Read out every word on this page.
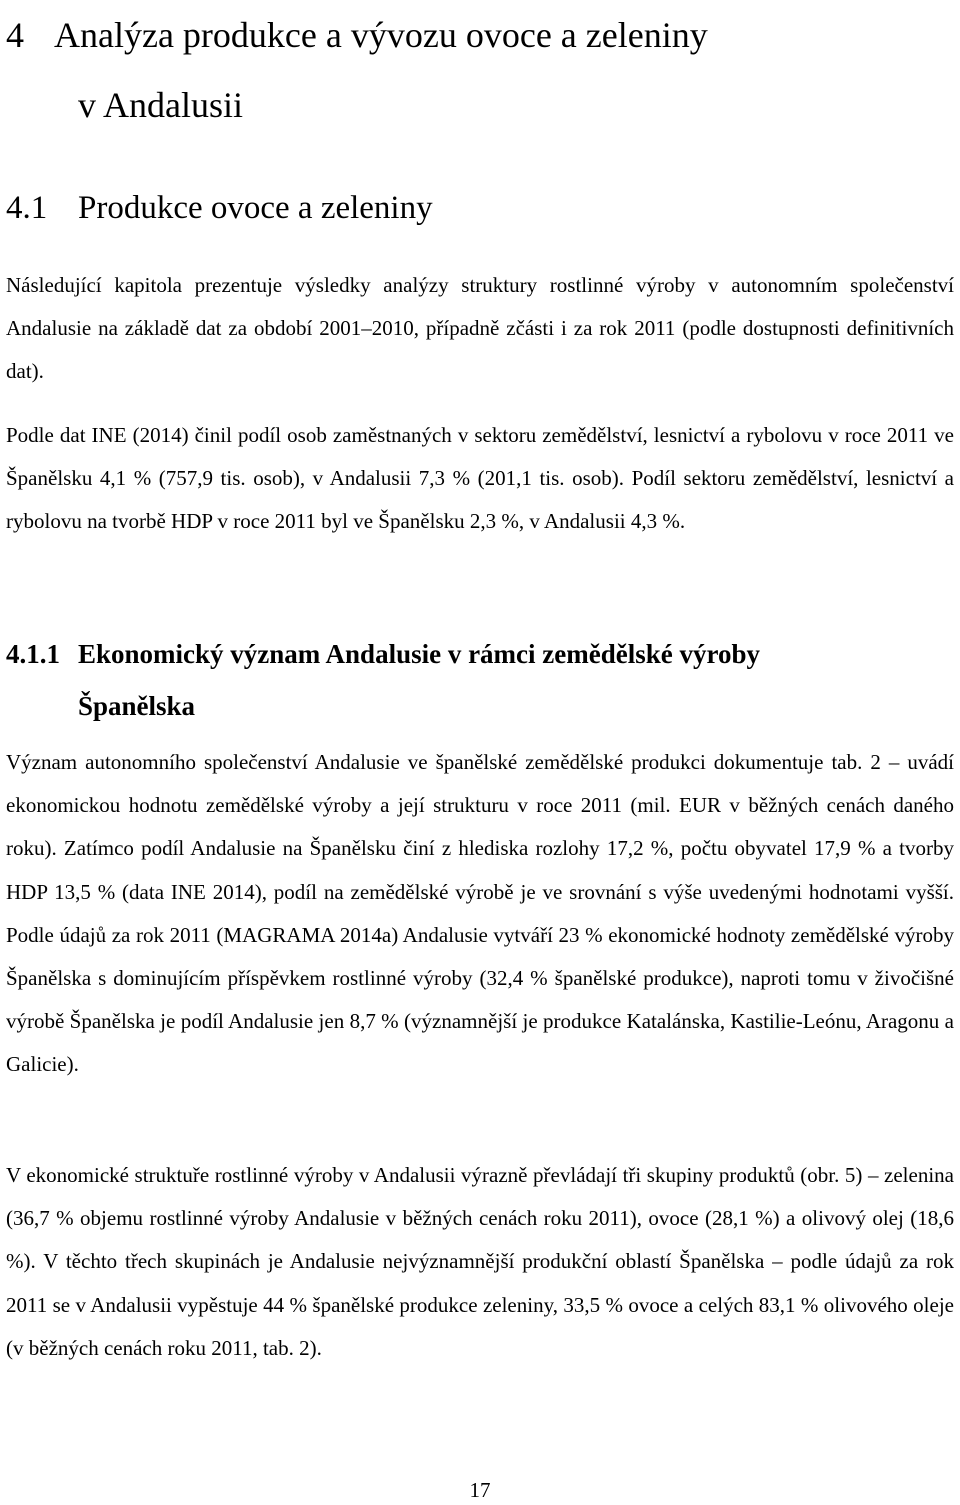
4 Analýza produkce a vývozu ovoce a zeleniny
v Andalusii
4.1 Produkce ovoce a zeleniny

Následující kapitola prezentuje výsledky analýzy struktury rostlinné výroby v autonomním společenství Andalusie na základě dat za období 2001–2010, případně zčásti i za rok 2011 (podle dostupnosti definitivních dat).

Podle dat INE (2014) činil podíl osob zaměstnaných v sektoru zemědělství, lesnictví a rybolovu v roce 2011 ve Španělsku 4,1 % (757,9 tis. osob), v Andalusii 7,3 % (201,1 tis. osob). Podíl sektoru zemědělství, lesnictví a rybolovu na tvorbě HDP v roce 2011 byl ve Španělsku 2,3 %, v Andalusii 4,3 %.

4.1.1 Ekonomický význam Andalusie v rámci zemědělské výroby
Španělska

Význam autonomního společenství Andalusie ve španělské zemědělské produkci dokumentuje tab. 2 – uvádí ekonomickou hodnotu zemědělské výroby a její strukturu v roce 2011 (mil. EUR v běžných cenách daného roku). Zatímco podíl Andalusie na Španělsku činí z hlediska rozlohy 17,2 %, počtu obyvatel 17,9 % a tvorby HDP 13,5 % (data INE 2014), podíl na zemědělské výrobě je ve srovnání s výše uvedenými hodnotami vyšší. Podle údajů za rok 2011 (MAGRAMA 2014a) Andalusie vytváří 23 % ekonomické hodnoty zemědělské výroby Španělska s dominujícím příspěvkem rostlinné výroby (32,4 % španělské produkce), naproti tomu v živočišné výrobě Španělska je podíl Andalusie jen 8,7 % (významnější je produkce Katalánska, Kastilie-Leónu, Aragonu a Galicie).

V ekonomické struktuře rostlinné výroby v Andalusii výrazně převládají tři skupiny produktů (obr. 5) – zelenina (36,7 % objemu rostlinné výroby Andalusie v běžných cenách roku 2011), ovoce (28,1 %) a olivový olej (18,6 %). V těchto třech skupinách je Andalusie nejvýznamnější produkční oblastí Španělska – podle údajů za rok 2011 se v Andalusii vypěstuje 44 % španělské produkce zeleniny, 33,5 % ovoce a celých 83,1 % olivového oleje (v běžných cenách roku 2011, tab. 2).

17
